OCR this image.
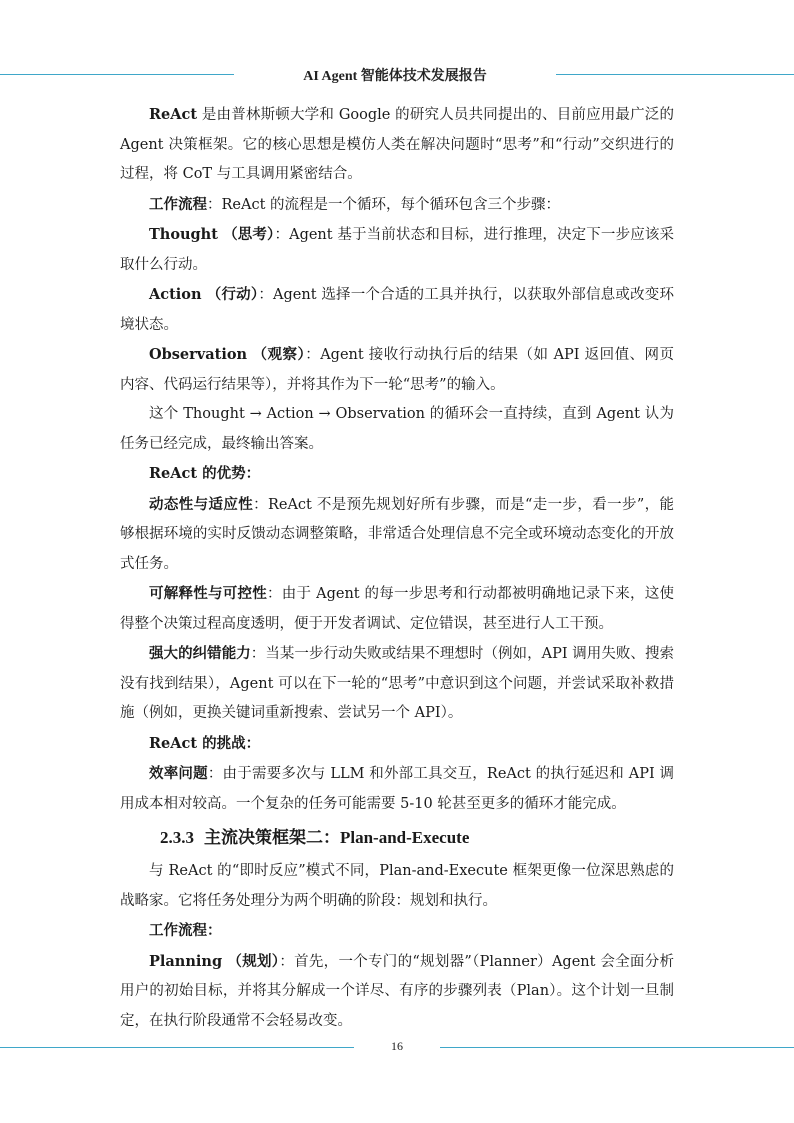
AI Agent 智能体技术发展报告

ReAct 是由普林斯顿大学和 Google 的研究人员共同提出的、目前应用最广泛的 Agent 决策框架。它的核心思想是模仿人类在解决问题时“思考”和“行动”交织进行的过程，将 CoT 与工具调用紧密结合。

工作流程：ReAct 的流程是一个循环，每个循环包含三个步骤：

Thought （思考）：Agent 基于当前状态和目标，进行推理，决定下一步应该采取什么行动。

Action （行动）：Agent 选择一个合适的工具并执行，以获取外部信息或改变环境状态。

Observation （观察）：Agent 接收行动执行后的结果（如 API 返回值、网页内容、代码运行结果等），并将其作为下一轮“思考”的输入。

这个 Thought → Action → Observation 的循环会一直持续，直到 Agent 认为任务已经完成，最终输出答案。

ReAct 的优势：

动态性与适应性：ReAct 不是预先规划好所有步骤，而是“走一步，看一步”，能够根据环境的实时反馈动态调整策略，非常适合处理信息不完全或环境动态变化的开放式任务。

可解释性与可控性：由于 Agent 的每一步思考和行动都被明确地记录下来，这使得整个决策过程高度透明，便于开发者调试、定位错误，甚至进行人工干预。

强大的纠错能力：当某一步行动失败或结果不理想时（例如，API 调用失败、搜索没有找到结果），Agent 可以在下一轮的“思考”中意识到这个问题，并尝试采取补救措施（例如，更换关键词重新搜索、尝试另一个 API）。

ReAct 的挑战：

效率问题：由于需要多次与 LLM 和外部工具交互，ReAct 的执行延迟和 API 调用成本相对较高。一个复杂的任务可能需要 5-10 轮甚至更多的循环才能完成。

2.3.3 主流决策框架二：Plan-and-Execute

与 ReAct 的“即时反应”模式不同，Plan-and-Execute 框架更像一位深思熟虑的战略家。它将任务处理分为两个明确的阶段：规划和执行。

工作流程：

Planning （规划）：首先，一个专门的“规划器”（Planner）Agent 会全面分析用户的初始目标，并将其分解成一个详尽、有序的步骤列表（Plan）。这个计划一旦制定，在执行阶段通常不会轻易改变。

16
